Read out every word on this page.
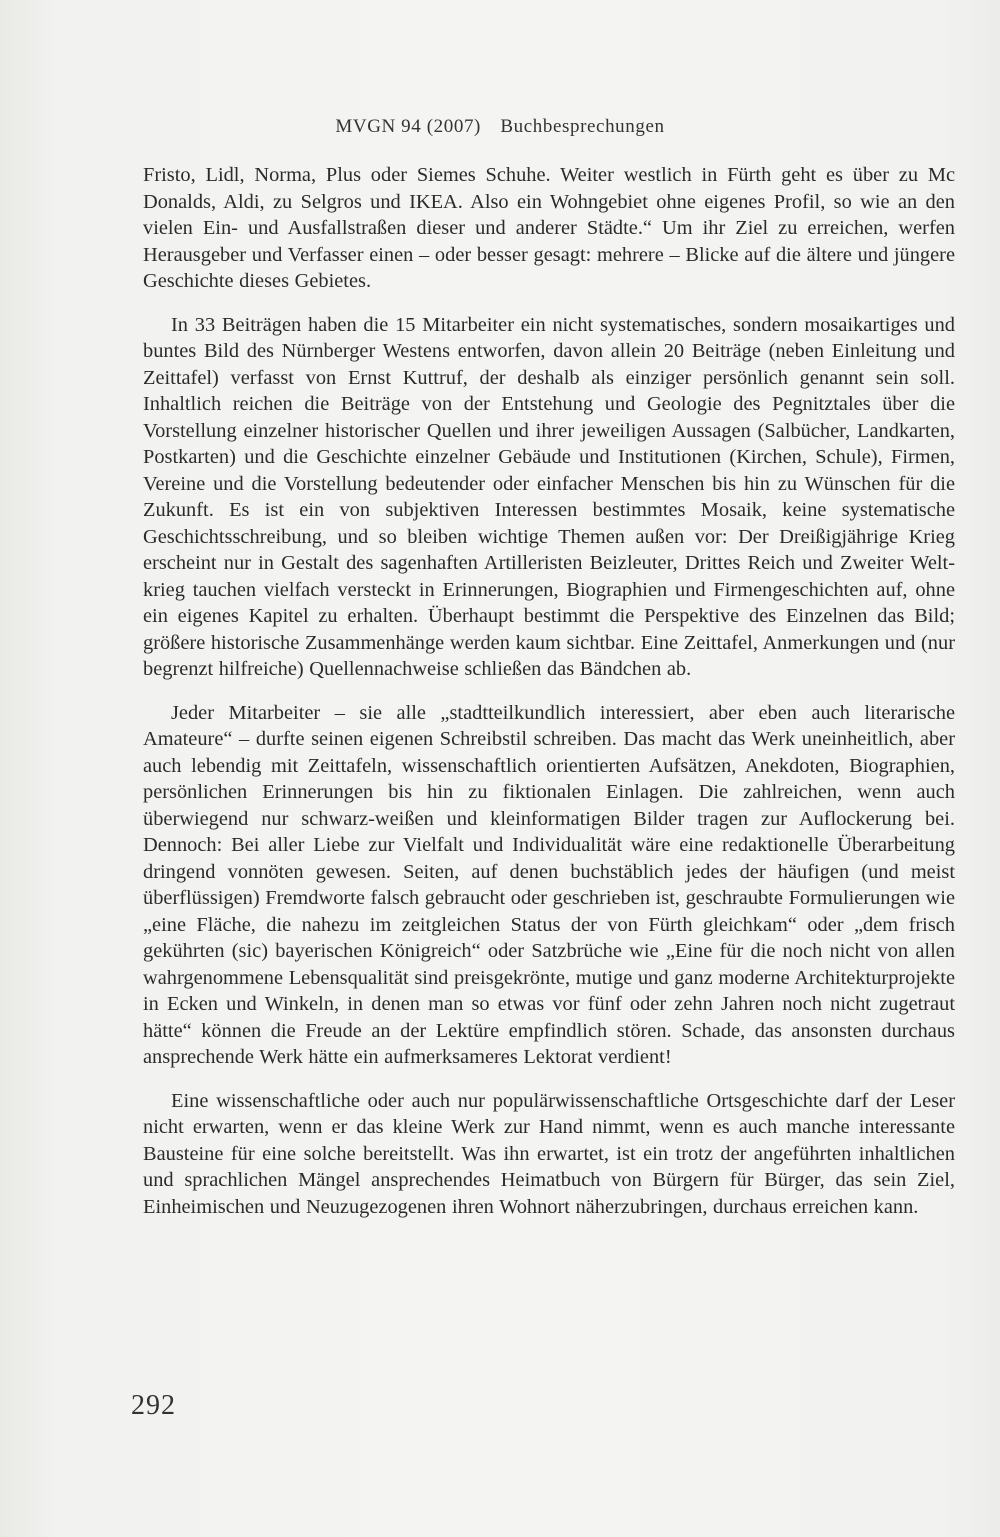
MVGN 94 (2007) Buchbesprechungen

Fristo, Lidl, Norma, Plus oder Siemes Schuhe. Weiter westlich in Fürth geht es über zu Mc Donalds, Aldi, zu Selgros und IKEA. Also ein Wohngebiet ohne eigenes Profil, so wie an den vielen Ein- und Ausfallstraßen dieser und anderer Städte.“ Um ihr Ziel zu erreichen, werfen Herausgeber und Verfasser einen – oder besser gesagt: mehrere – Blicke auf die ältere und jüngere Geschichte dieses Gebietes.

In 33 Beiträgen haben die 15 Mitarbeiter ein nicht systematisches, sondern mosaikartiges und buntes Bild des Nürnberger Westens entworfen, davon allein 20 Beiträge (neben Einleitung und Zeittafel) verfasst von Ernst Kuttruf, der deshalb als einziger persönlich genannt sein soll. Inhaltlich reichen die Beiträge von der Entstehung und Geologie des Pegnitztales über die Vorstellung einzelner historischer Quellen und ihrer jeweiligen Aussagen (Salbücher, Landkarten, Postkarten) und die Geschichte einzelner Gebäude und Institutionen (Kirchen, Schule), Firmen, Vereine und die Vorstellung bedeutender oder einfacher Menschen bis hin zu Wünschen für die Zukunft. Es ist ein von subjektiven Interessen bestimmtes Mosaik, keine systematische Geschichtsschreibung, und so bleiben wichtige Themen außen vor: Der Dreißigjährige Krieg erscheint nur in Gestalt des sagenhaften Artilleristen Beizleuter, Drittes Reich und Zweiter Weltkrieg tauchen vielfach versteckt in Erinnerungen, Biographien und Firmengeschichten auf, ohne ein eigenes Kapitel zu erhalten. Überhaupt bestimmt die Perspektive des Einzelnen das Bild; größere historische Zusammenhänge werden kaum sichtbar. Eine Zeittafel, Anmerkungen und (nur begrenzt hilfreiche) Quellennachweise schließen das Bändchen ab.

Jeder Mitarbeiter – sie alle „stadtteilkundlich interessiert, aber eben auch literarische Amateure“ – durfte seinen eigenen Schreibstil schreiben. Das macht das Werk uneinheitlich, aber auch lebendig mit Zeittafeln, wissenschaftlich orientierten Aufsätzen, Anekdoten, Biographien, persönlichen Erinnerungen bis hin zu fiktionalen Einlagen. Die zahlreichen, wenn auch überwiegend nur schwarz-weißen und kleinformatigen Bilder tragen zur Auflockerung bei. Dennoch: Bei aller Liebe zur Vielfalt und Individualität wäre eine redaktionelle Überarbeitung dringend vonnöten gewesen. Seiten, auf denen buchstäblich jedes der häufigen (und meist überflüssigen) Fremdworte falsch gebraucht oder geschrieben ist, geschraubte Formulierungen wie „eine Fläche, die nahezu im zeitgleichen Status der von Fürth gleichkam“ oder „dem frisch gekührten (sic) bayerischen Königreich“ oder Satzbrüche wie „Eine für die noch nicht von allen wahrgenommene Lebensqualität sind preisgekrönte, mutige und ganz moderne Architekturprojekte in Ecken und Winkeln, in denen man so etwas vor fünf oder zehn Jahren noch nicht zugetraut hätte“ können die Freude an der Lektüre empfindlich stören. Schade, das ansonsten durchaus ansprechende Werk hätte ein aufmerksameres Lektorat verdient!

Eine wissenschaftliche oder auch nur populärwissenschaftliche Ortsgeschichte darf der Leser nicht erwarten, wenn er das kleine Werk zur Hand nimmt, wenn es auch manche interessante Bausteine für eine solche bereitstellt. Was ihn erwartet, ist ein trotz der angeführten inhaltlichen und sprachlichen Mängel ansprechendes Heimatbuch von Bürgern für Bürger, das sein Ziel, Einheimischen und Neuzugezogenen ihren Wohnort näherzubringen, durchaus erreichen kann.

292
